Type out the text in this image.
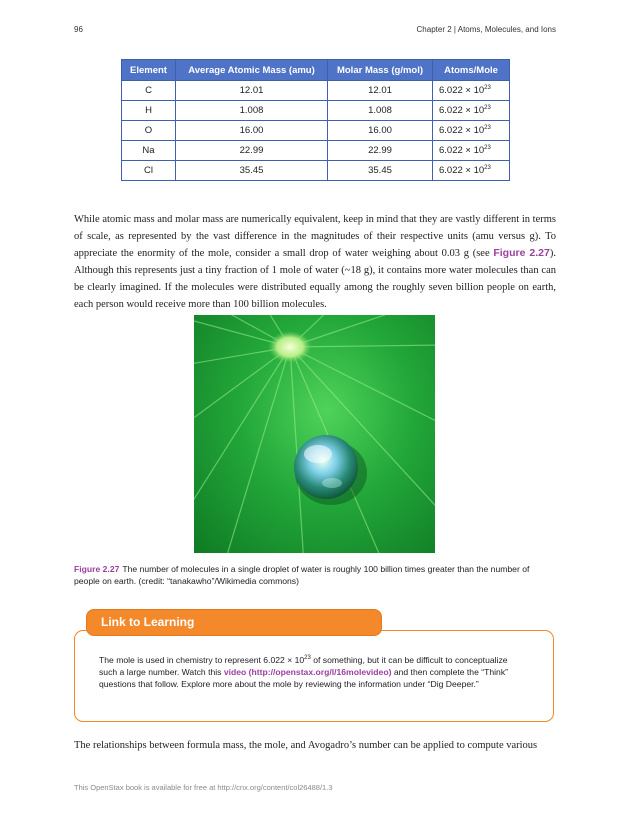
96	Chapter 2 | Atoms, Molecules, and Ions
Element	Average Atomic Mass (amu)	Molar Mass (g/mol)	Atoms/Mole
C	12.01	12.01	$6.022 \times 10^{23}$
H	1.008	1.008	$6.022 \times 10^{23}$
O	16.00	16.00	$6.022 \times 10^{23}$
Na	22.99	22.99	$6.022 \times 10^{23}$
Cl	35.45	35.45	$6.022 \times 10^{23}$

While atomic mass and molar mass are numerically equivalent, keep in mind that they are vastly different in terms of scale, as represented by the vast difference in the magnitudes of their respective units (amu versus g). To appreciate the enormity of the mole, consider a small drop of water weighing about 0.03 g (see Figure 2.27). Although this represents just a tiny fraction of 1 mole of water (~18 g), it contains more water molecules than can be clearly imagined. If the molecules were distributed equally among the roughly seven billion people on earth, each person would receive more than 100 billion molecules.

Figure 2.27 The number of molecules in a single droplet of water is roughly 100 billion times greater than the number of people on earth. (credit: “tanakawho”/Wikimedia commons)

Link to Learning

The mole is used in chemistry to represent $6.022 \times 10^{23}$ of something, but it can be difficult to conceptualize such a large number. Watch this video (http://openstax.org/l/16molevideo) and then complete the “Think” questions that follow. Explore more about the mole by reviewing the information under “Dig Deeper.”

The relationships between formula mass, the mole, and Avogadro’s number can be applied to compute various

This OpenStax book is available for free at http://cnx.org/content/col26488/1.3
